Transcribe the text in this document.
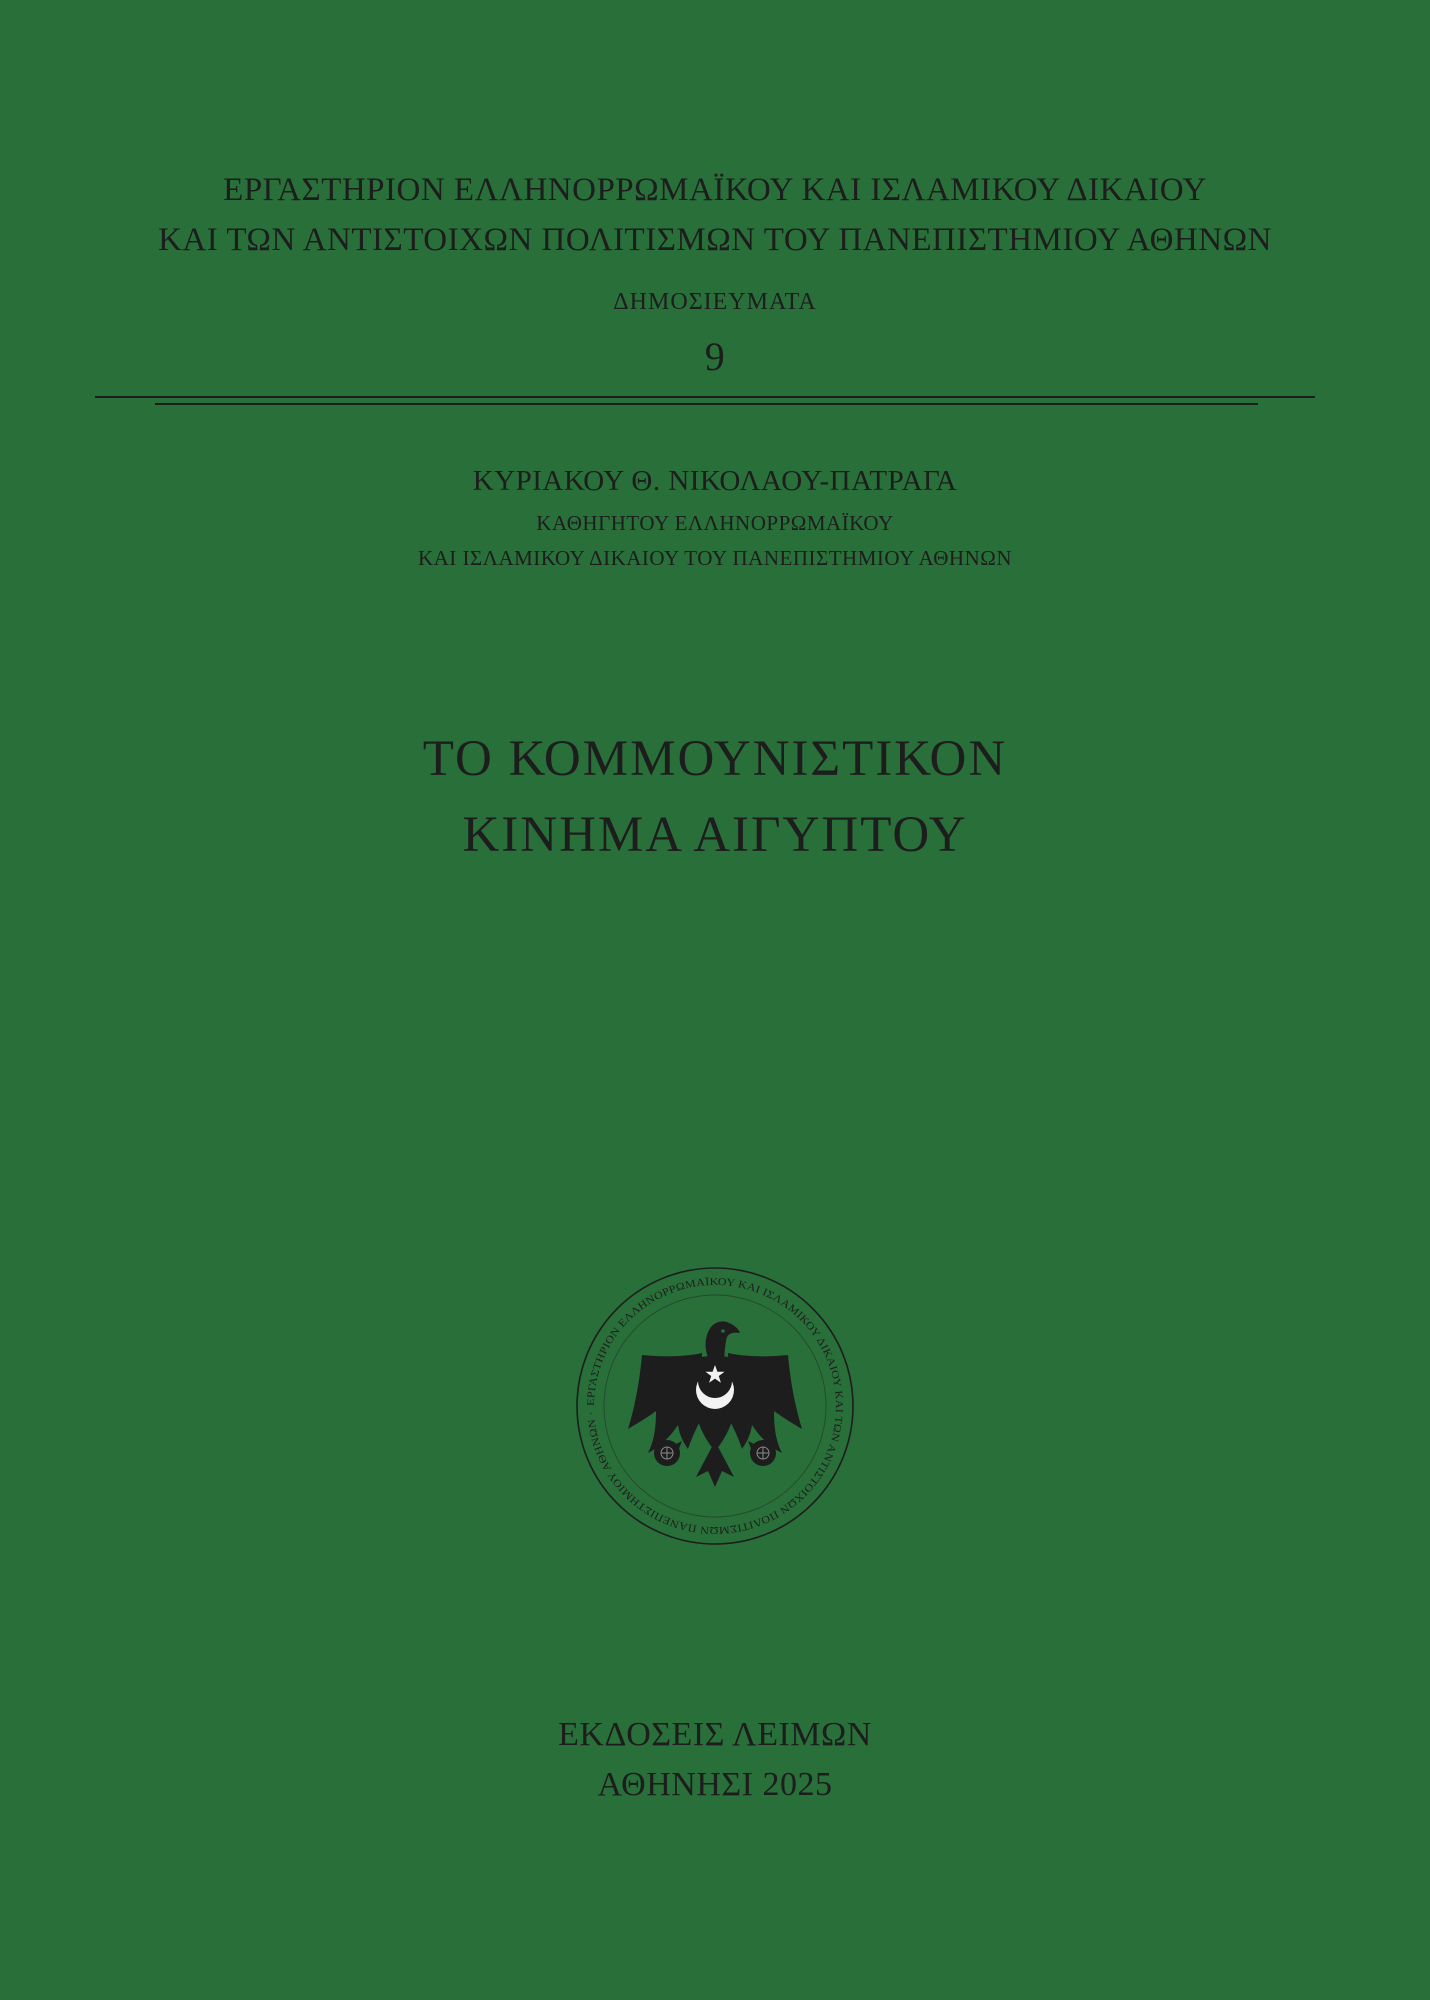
ΕΡΓΑΣΤΗΡΙΟΝ ΕΛΛΗΝΟΡΡΩΜΑΪΚΟΥ ΚΑΙ ΙΣΛΑΜΙΚΟΥ ΔΙΚΑΙΟΥ
ΚΑΙ ΤΩΝ ΑΝΤΙΣΤΟΙΧΩΝ ΠΟΛΙΤΙΣΜΩΝ ΤΟΥ ΠΑΝΕΠΙΣΤΗΜΙΟΥ ΑΘΗΝΩΝ
ΔΗΜΟΣΙΕΥΜΑΤΑ
9
ΚΥΡΙΑΚΟΥ Θ. ΝΙΚΟΛΑΟΥ-ΠΑΤΡΑΓΑ
ΚΑΘΗΓΗΤΟΥ ΕΛΛΗΝΟΡΡΩΜΑΪΚΟΥ
ΚΑΙ ΙΣΛΑΜΙΚΟΥ ΔΙΚΑΙΟΥ ΤΟΥ ΠΑΝΕΠΙΣΤΗΜΙΟΥ ΑΘΗΝΩΝ
ΤΟ ΚΟΜΜΟΥΝΙΣΤΙΚΟΝ
ΚΙΝΗΜΑ ΑΙΓΥΠΤΟΥ
ΕΡΓΑΣΤΗΡΙΟΝ ΕΛΛΗΝΟΡΡΩΜΑΪΚΟΥ ΚΑΙ ΙΣΛΑΜΙΚΟΥ ΔΙΚΑΙΟΥ ΚΑΙ ΤΩΝ ΑΝΤΙΣΤΟΙΧΩΝ ΠΟΛΙΤΙΣΜΩΝ ΠΑΝΕΠΙΣΤΗΜΙΟΥ ΑΘΗΝΩΝ ·
ΕΚΔΟΣΕΙΣ ΛΕΙΜΩΝ
ΑΘΗΝΗΣΙ 2025
